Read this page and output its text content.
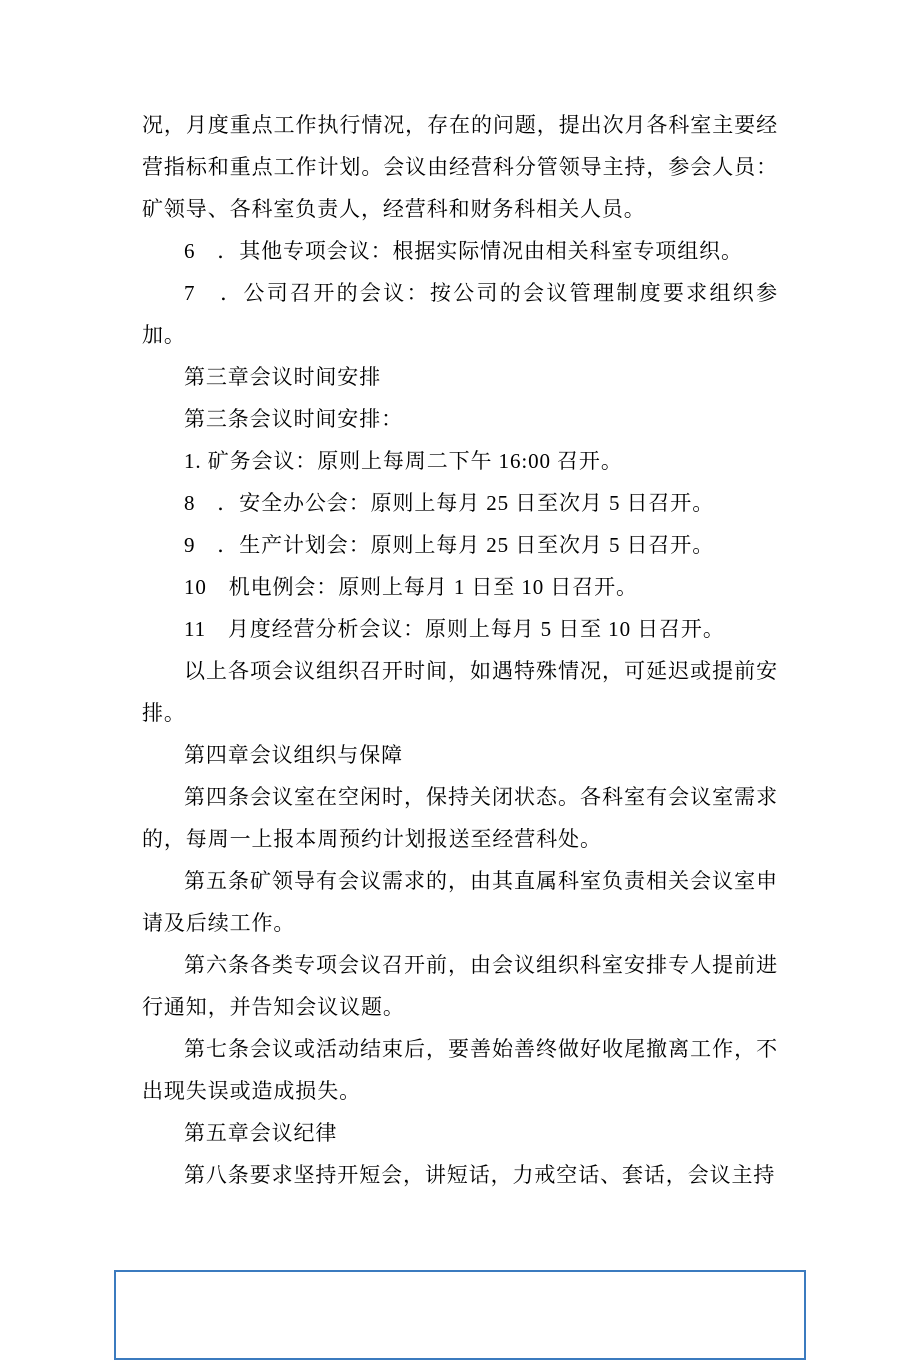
况，月度重点工作执行情况，存在的问题，提出次月各科室主要经营指标和重点工作计划。会议由经营科分管领导主持，参会人员：矿领导、各科室负责人，经营科和财务科相关人员。

6　．其他专项会议：根据实际情况由相关科室专项组织。

7　．公司召开的会议：按公司的会议管理制度要求组织参加。

第三章会议时间安排

第三条会议时间安排：

1. 矿务会议：原则上每周二下午 16:00 召开。

8　．安全办公会：原则上每月 25 日至次月 5 日召开。

9　．生产计划会：原则上每月 25 日至次月 5 日召开。

10　机电例会：原则上每月 1 日至 10 日召开。

11　月度经营分析会议：原则上每月 5 日至 10 日召开。

以上各项会议组织召开时间，如遇特殊情况，可延迟或提前安排。

第四章会议组织与保障

第四条会议室在空闲时，保持关闭状态。各科室有会议室需求的，每周一上报本周预约计划报送至经营科处。

第五条矿领导有会议需求的，由其直属科室负责相关会议室申请及后续工作。

第六条各类专项会议召开前，由会议组织科室安排专人提前进行通知，并告知会议议题。

第七条会议或活动结束后，要善始善终做好收尾撤离工作，不出现失误或造成损失。

第五章会议纪律

第八条要求坚持开短会，讲短话，力戒空话、套话，会议主持
